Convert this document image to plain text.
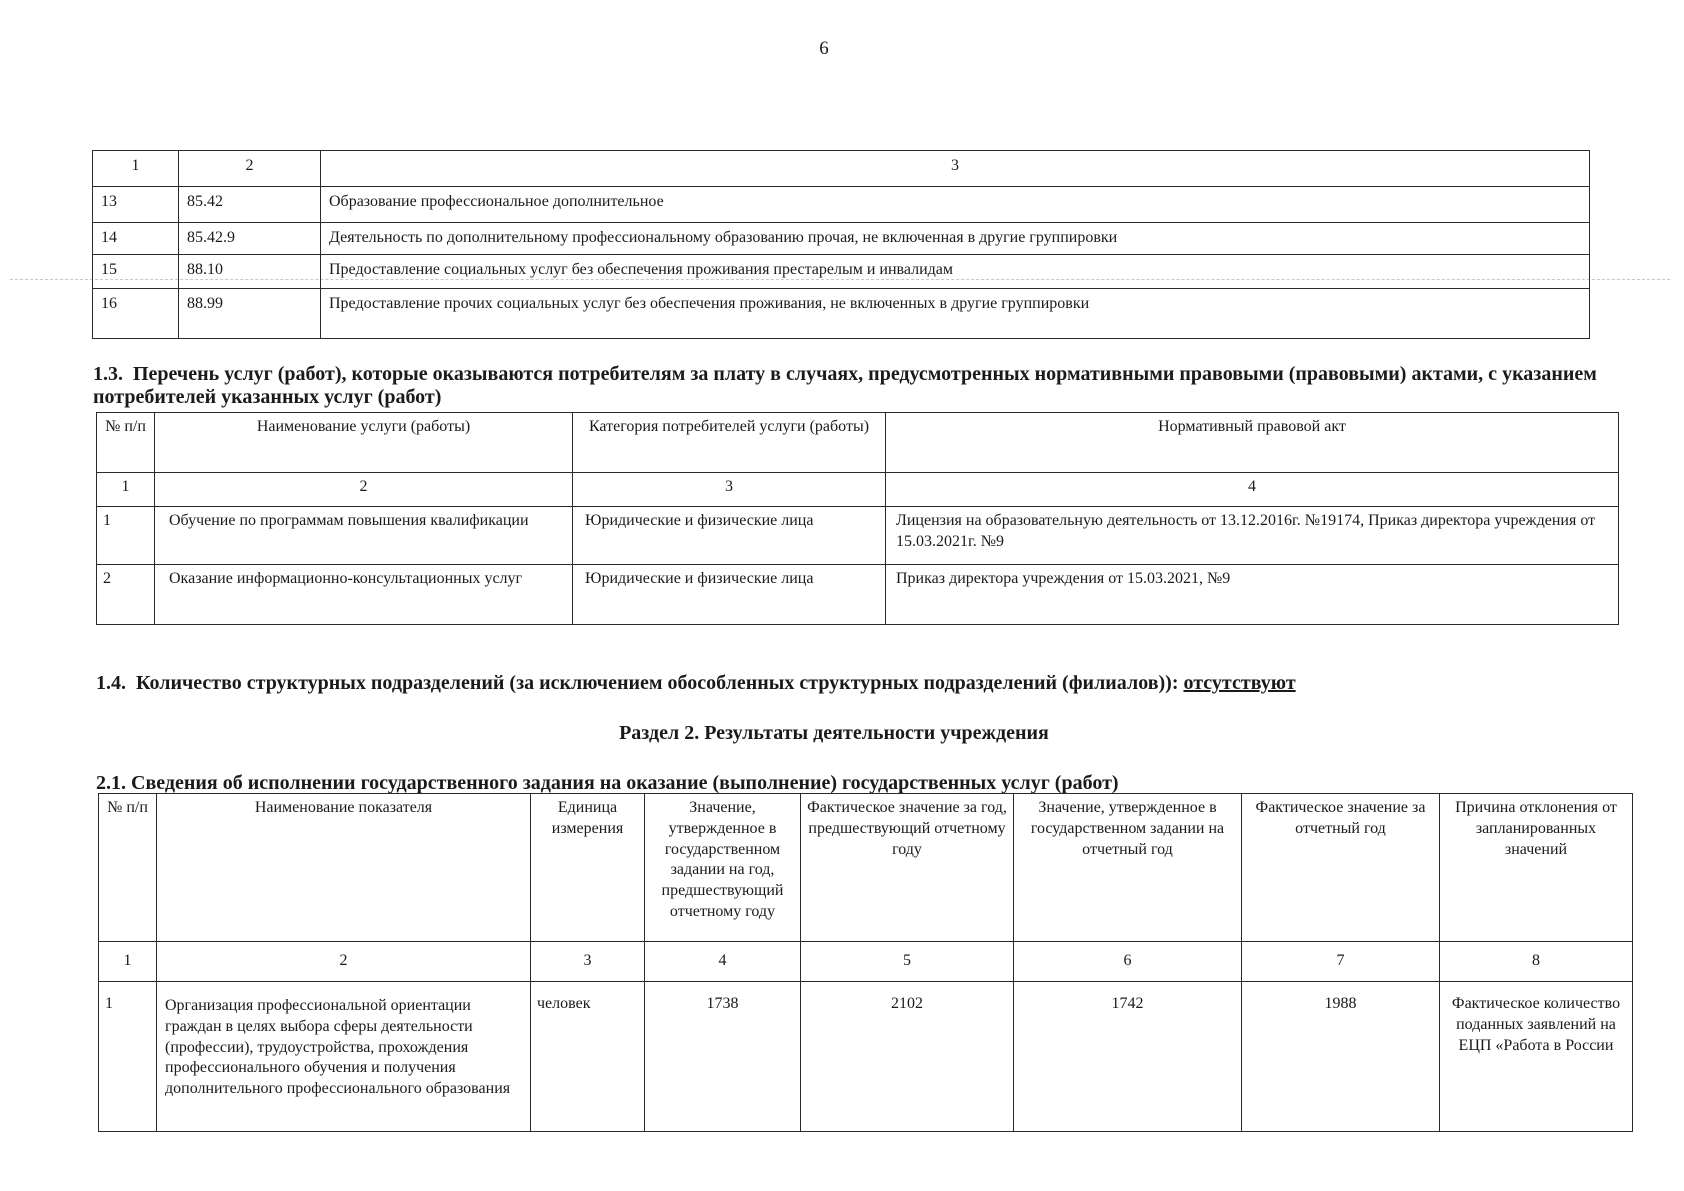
6
1	2	3
13	85.42	Образование профессиональное дополнительное
14	85.42.9	Деятельность по дополнительному профессиональному образованию прочая, не включенная в другие группировки
15	88.10	Предоставление социальных услуг без обеспечения проживания престарелым и инвалидам
16	88.99	Предоставление прочих социальных услуг без обеспечения проживания, не включенных в другие группировки
1.3.  Перечень услуг (работ), которые оказываются потребителям за плату в случаях, предусмотренных нормативными правовыми (правовыми) актами, с указанием потребителей указанных услуг (работ)
№ п/п	Наименование услуги (работы)	Категория потребителей услуги (работы)	Нормативный правовой акт
1	2	3	4
1	Обучение по программам повышения квалификации	Юридические и физические лица	Лицензия на образовательную деятельность от 13.12.2016г. №19174, Приказ директора учреждения от 15.03.2021г. №9
2	Оказание информационно-консультационных услуг	Юридические и физические лица	Приказ директора учреждения от 15.03.2021, №9
1.4.  Количество структурных подразделений (за исключением обособленных структурных подразделений (филиалов)): отсутствуют
Раздел 2. Результаты деятельности учреждения
2.1. Сведения об исполнении государственного задания на оказание (выполнение) государственных услуг (работ)
№ п/п	Наименование показателя	Единица измерения	Значение, утвержденное в государственном задании на год, предшествующий отчетному году	Фактическое значение за год, предшествующий отчетному году	Значение, утвержденное в государственном задании на отчетный год	Фактическое значение за отчетный год	Причина отклонения от запланированных значений
1	2	3	4	5	6	7	8
1	Организация профессиональной ориентации граждан в целях выбора сферы деятельности (профессии), трудоустройства, прохождения профессионального обучения и получения дополнительного профессионального образования	человек	1738	2102	1742	1988	Фактическое количество поданных заявлений на ЕЦП «Работа в России
